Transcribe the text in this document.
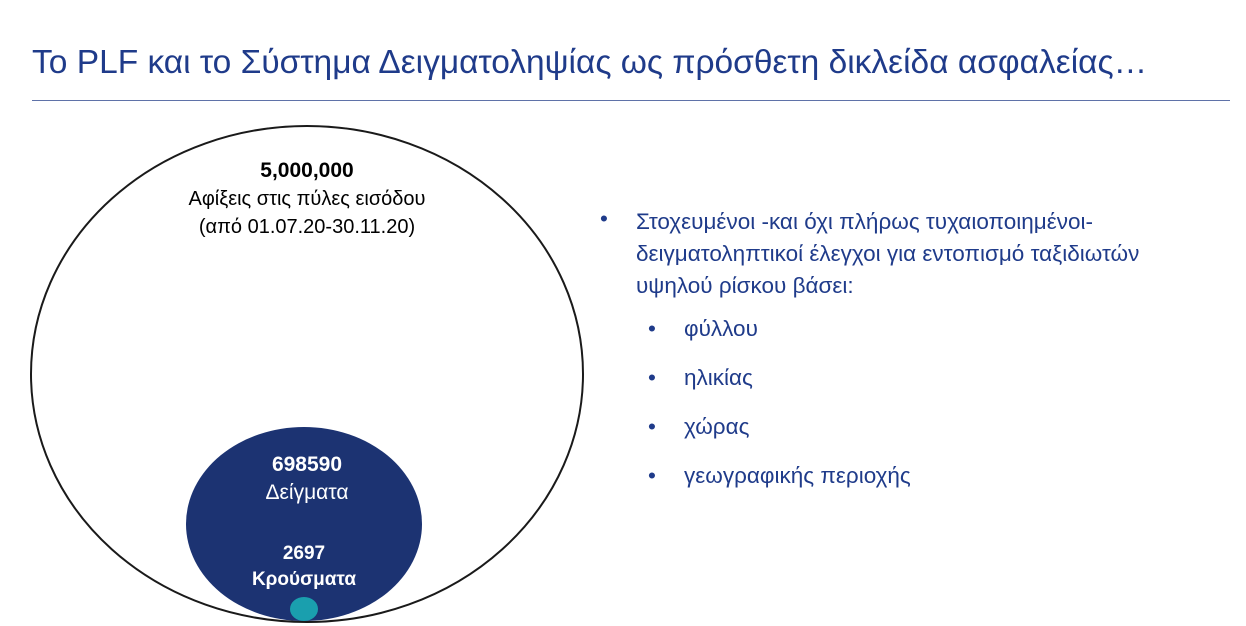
Το PLF και το Σύστημα Δειγματοληψίας ως πρόσθετη δικλείδα ασφαλείας…
5,000,000
Αφίξεις στις πύλες εισόδου
(από 01.07.20-30.11.20)
698590
Δείγματα
2697
Κρούσματα
• Στοχευμένοι -και όχι πλήρως τυχαιοποιημένοι- δειγματοληπτικοί έλεγχοι για εντοπισμό ταξιδιωτών υψηλού ρίσκου βάσει:
• φύλλου
• ηλικίας
• χώρας
• γεωγραφικής περιοχής
